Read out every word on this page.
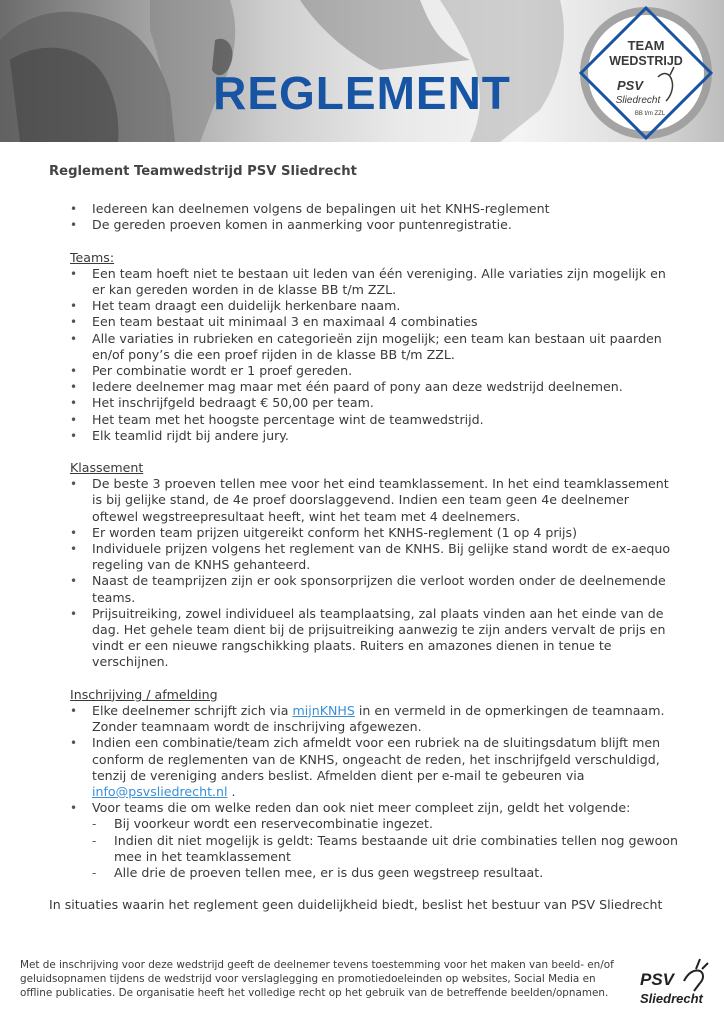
REGLEMENT
TEAM
WEDSTRIJD
PSV
Sliedrecht
BB t/m ZZL
Reglement Teamwedstrijd PSV Sliedrecht
• Iedereen kan deelnemen volgens de bepalingen uit het KNHS-reglement
• De gereden proeven komen in aanmerking voor puntenregistratie.
Teams:
• Een team hoeft niet te bestaan uit leden van één vereniging. Alle variaties zijn mogelijk en er kan gereden worden in de klasse BB t/m ZZL.
• Het team draagt een duidelijk herkenbare naam.
• Een team bestaat uit minimaal 3 en maximaal 4 combinaties
• Alle variaties in rubrieken en categorieën zijn mogelijk; een team kan bestaan uit paarden en/of pony’s die een proef rijden in de klasse BB t/m ZZL.
• Per combinatie wordt er 1 proef gereden.
• Iedere deelnemer mag maar met één paard of pony aan deze wedstrijd deelnemen.
• Het inschrijfgeld bedraagt € 50,00 per team.
• Het team met het hoogste percentage wint de teamwedstrijd.
• Elk teamlid rijdt bij andere jury.
Klassement
• De beste 3 proeven tellen mee voor het eind teamklassement. In het eind teamklassement is bij gelijke stand, de 4e proef doorslaggevend. Indien een team geen 4e deelnemer oftewel wegstreepresultaat heeft, wint het team met 4 deelnemers.
• Er worden team prijzen uitgereikt conform het KNHS-reglement (1 op 4 prijs)
• Individuele prijzen volgens het reglement van de KNHS. Bij gelijke stand wordt de ex-aequo regeling van de KNHS gehanteerd.
• Naast de teamprijzen zijn er ook sponsorprijzen die verloot worden onder de deelnemende teams.
• Prijsuitreiking, zowel individueel als teamplaatsing, zal plaats vinden aan het einde van de dag. Het gehele team dient bij de prijsuitreiking aanwezig te zijn anders vervalt de prijs en vindt er een nieuwe rangschikking plaats. Ruiters en amazones dienen in tenue te verschijnen.
Inschrijving / afmelding
• Elke deelnemer schrijft zich via mijnKNHS in en vermeld in de opmerkingen de teamnaam. Zonder teamnaam wordt de inschrijving afgewezen.
• Indien een combinatie/team zich afmeldt voor een rubriek na de sluitingsdatum blijft men conform de reglementen van de KNHS, ongeacht de reden, het inschrijfgeld verschuldigd, tenzij de vereniging anders beslist. Afmelden dient per e-mail te gebeuren via info@psvsliedrecht.nl .
• Voor teams die om welke reden dan ook niet meer compleet zijn, geldt het volgende:
- Bij voorkeur wordt een reservecombinatie ingezet.
- Indien dit niet mogelijk is geldt: Teams bestaande uit drie combinaties tellen nog gewoon mee in het teamklassement
- Alle drie de proeven tellen mee, er is dus geen wegstreep resultaat.
In situaties waarin het reglement geen duidelijkheid biedt, beslist het bestuur van PSV Sliedrecht
Met de inschrijving voor deze wedstrijd geeft de deelnemer tevens toestemming voor het maken van beeld- en/of geluidsopnamen tijdens de wedstrijd voor verslaglegging en promotiedoeleinden op websites, Social Media en offline publicaties. De organisatie heeft het volledige recht op het gebruik van de betreffende beelden/opnamen.
PSV
Sliedrecht
